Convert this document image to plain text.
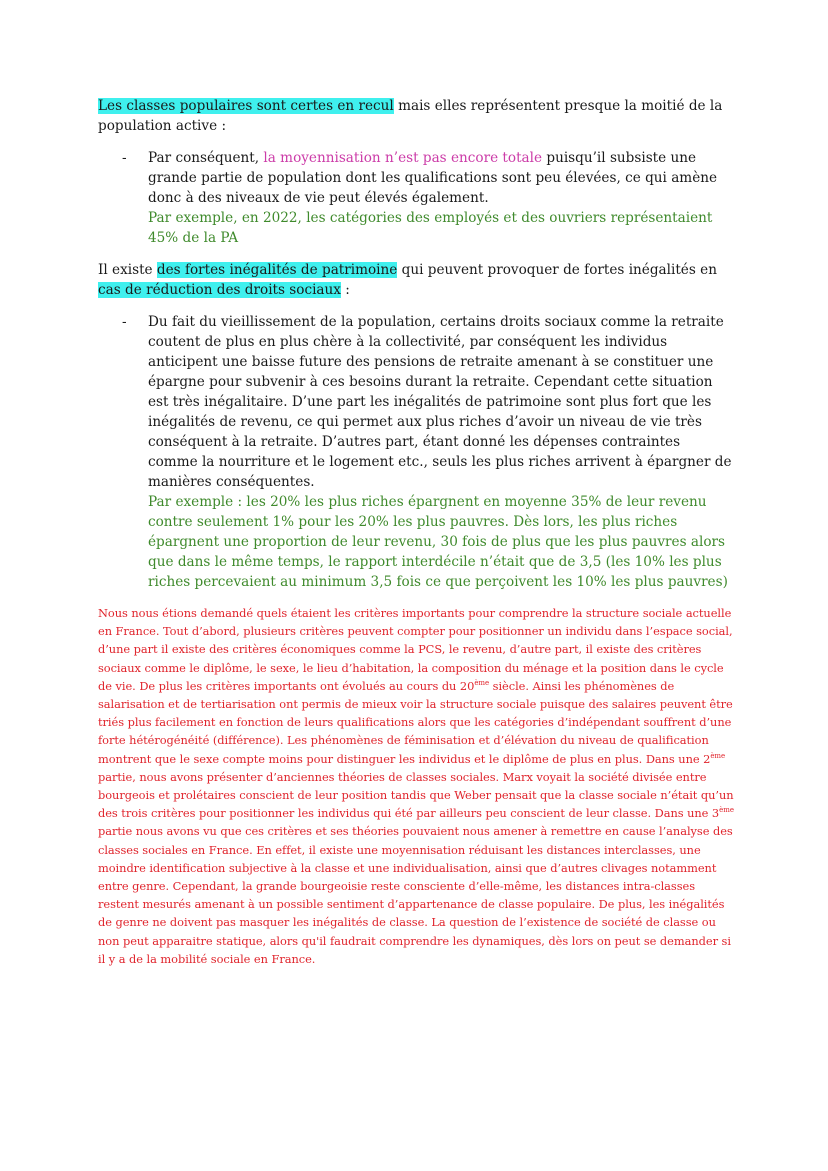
Les classes populaires sont certes en recul mais elles représentent presque la moitié de la population active :

- Par conséquent, la moyennisation n’est pas encore totale puisqu’il subsiste une grande partie de population dont les qualifications sont peu élevées, ce qui amène donc à des niveaux de vie peut élevés également.

Par exemple, en 2022, les catégories des employés et des ouvriers représentaient 45% de la PA

Il existe des fortes inégalités de patrimoine qui peuvent provoquer de fortes inégalités en cas de réduction des droits sociaux :

- Du fait du vieillissement de la population, certains droits sociaux comme la retraite coutent de plus en plus chère à la collectivité, par conséquent les individus anticipent une baisse future des pensions de retraite amenant à se constituer une épargne pour subvenir à ces besoins durant la retraite. Cependant cette situation est très inégalitaire. D’une part les inégalités de patrimoine sont plus fort que les inégalités de revenu, ce qui permet aux plus riches d’avoir un niveau de vie très conséquent à la retraite. D’autres part, étant donné les dépenses contraintes comme la nourriture et le logement etc., seuls les plus riches arrivent à épargner de manières conséquentes.

Par exemple : les 20% les plus riches épargnent en moyenne 35% de leur revenu contre seulement 1% pour les 20% les plus pauvres. Dès lors, les plus riches épargnent une proportion de leur revenu, 30 fois de plus que les plus pauvres alors que dans le même temps, le rapport interdécile n’était que de 3,5 (les 10% les plus riches percevaient au minimum 3,5 fois ce que perçoivent les 10% les plus pauvres)

Nous nous étions demandé quels étaient les critères importants pour comprendre la structure sociale actuelle en France. Tout d’abord, plusieurs critères peuvent compter pour positionner un individu dans l’espace social, d’une part il existe des critères économiques comme la PCS, le revenu, d’autre part, il existe des critères sociaux comme le diplôme, le sexe, le lieu d’habitation, la composition du ménage et la position dans le cycle de vie. De plus les critères importants ont évolués au cours du 20ème siècle. Ainsi les phénomènes de salarisation et de tertiarisation ont permis de mieux voir la structure sociale puisque des salaires peuvent être triés plus facilement en fonction de leurs qualifications alors que les catégories d’indépendant souffrent d’une forte hétérogénéité (différence). Les phénomènes de féminisation et d’élévation du niveau de qualification montrent que le sexe compte moins pour distinguer les individus et le diplôme de plus en plus. Dans une 2ème partie, nous avons présenter d’anciennes théories de classes sociales. Marx voyait la société divisée entre bourgeois et prolétaires conscient de leur position tandis que Weber pensait que la classe sociale n’était qu’un des trois critères pour positionner les individus qui été par ailleurs peu conscient de leur classe. Dans une 3ème partie nous avons vu que ces critères et ses théories pouvaient nous amener à remettre en cause l’analyse des classes sociales en France. En effet, il existe une moyennisation réduisant les distances interclasses, une moindre identification subjective à la classe et une individualisation, ainsi que d’autres clivages notamment entre genre. Cependant, la grande bourgeoisie reste consciente d’elle-même, les distances intra-classes restent mesurés amenant à un possible sentiment d’appartenance de classe populaire. De plus, les inégalités de genre ne doivent pas masquer les inégalités de classe. La question de l’existence de société de classe ou non peut apparaitre statique, alors qu'il faudrait comprendre les dynamiques, dès lors on peut se demander si il y a de la mobilité sociale en France.
